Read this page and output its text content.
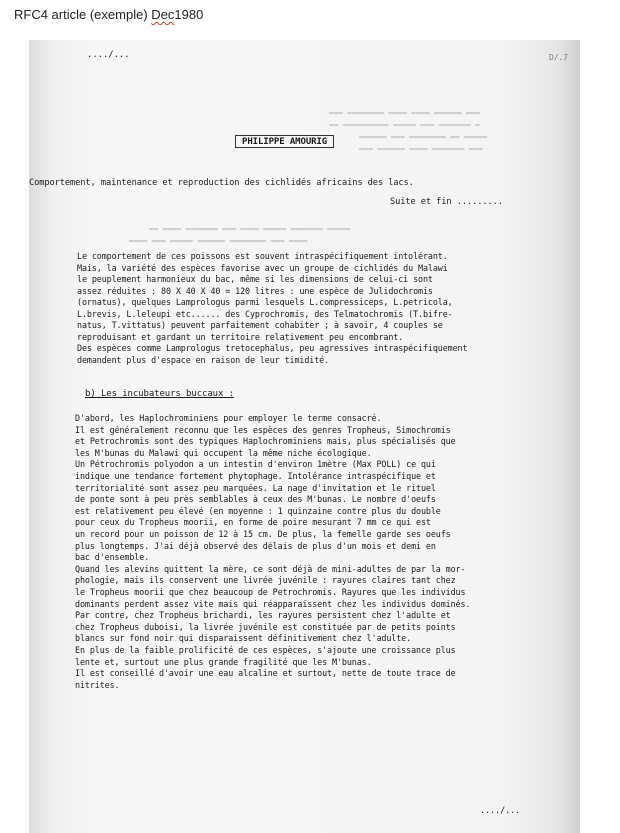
RFC4 article (exemple) Dec1980
▬▬▬ ▬▬▬▬▬▬▬▬ ▬▬▬▬ ▬▬▬▬ ▬▬▬▬▬▬ ▬▬▬
▬▬ ▬▬▬▬▬▬▬▬▬▬ ▬▬▬▬▬ ▬▬▬ ▬▬▬▬▬▬▬ ▬
▬▬▬▬▬▬ ▬▬▬ ▬▬▬▬▬▬▬▬ ▬▬ ▬▬▬▬▬
▬▬▬ ▬▬▬▬▬▬ ▬▬▬▬ ▬▬▬▬▬▬▬ ▬▬▬
▬▬ ▬▬▬▬ ▬▬▬▬▬▬▬ ▬▬▬ ▬▬▬▬ ▬▬▬▬▬ ▬▬▬▬▬▬▬ ▬▬▬▬▬
▬▬▬▬ ▬▬▬ ▬▬▬▬▬ ▬▬▬▬▬▬ ▬▬▬▬▬▬▬▬ ▬▬▬ ▬▬▬▬
..../...	D/.7
PHILIPPE AMOURIG
Comportement, maintenance et reproduction des cichlidés africains des lacs.
Suite et fin .........
Le comportement de ces poissons est souvent intraspécifiquement intolérant.
Mais, la variété des espèces favorise avec un groupe de cichlidés du Malawi
le peuplement harmonieux du bac, même si les dimensions de celui-ci sont
assez réduites : 80 X 40 X 40 = 120 litres : une espèce de Julidochromis
(ornatus), quelques Lamprologus parmi lesquels L.compressiceps, L.petricola,
L.brevis, L.leleupi etc...... des Cyprochromis, des Telmatochromis (T.bifre-
natus, T.vittatus) peuvent parfaitement cohabiter ; à savoir, 4 couples se
reproduisant et gardant un territoire relativement peu encombrant.
Des espèces comme Lamprologus tretocephalus, peu agressives intraspécifiquement
demandent plus d'espace en raison de leur timidité.
b) Les incubateurs buccaux :
D'abord, les Haplochrominiens pour employer le terme consacré.
Il est généralement reconnu que les espèces des genres Tropheus, Simochromis
et Petrochromis sont des typiques Haplochrominiens mais, plus spécialisés que
les M'bunas du Malawi qui occupent la même niche écologique.
Un Pétrochromis polyodon a un intestin d'environ 1mètre (Max POLL) ce qui
indique une tendance fortement phytophage. Intolérance intraspécifique et
territorialité sont assez peu marquées. La nage d'invitation et le rituel
de ponte sont à peu près semblables à ceux des M'bunas. Le nombre d'oeufs
est relativement peu élevé (en moyenne : 1 quinzaine contre plus du double
pour ceux du Tropheus moorii, en forme de poire mesurant 7 mm ce qui est
un record pour un poisson de 12 à 15 cm. De plus, la femelle garde ses oeufs
plus longtemps. J'ai déjà observé des délais de plus d'un mois et demi en
bac d'ensemble.
Quand les alevins quittent la mère, ce sont déjà de mini-adultes de par la mor-
phologie, mais ils conservent une livrée juvénile : rayures claires tant chez
le Tropheus moorii que chez beaucoup de Petrochromis. Rayures que les individus
dominants perdent assez vite mais qui réapparaissent chez les individus dominés.
Par contre, chez Tropheus brichardi, les rayures persistent chez l'adulte et
chez Tropheus duboisi, la livrée juvénile est constituée par de petits points
blancs sur fond noir qui disparaissent définitivement chez l'adulte.
En plus de la faible prolificité de ces espèces, s'ajoute une croissance plus
lente et, surtout une plus grande fragilité que les M'bunas.
Il est conseillé d'avoir une eau alcaline et surtout, nette de toute trace de
nitrites.
..../...
